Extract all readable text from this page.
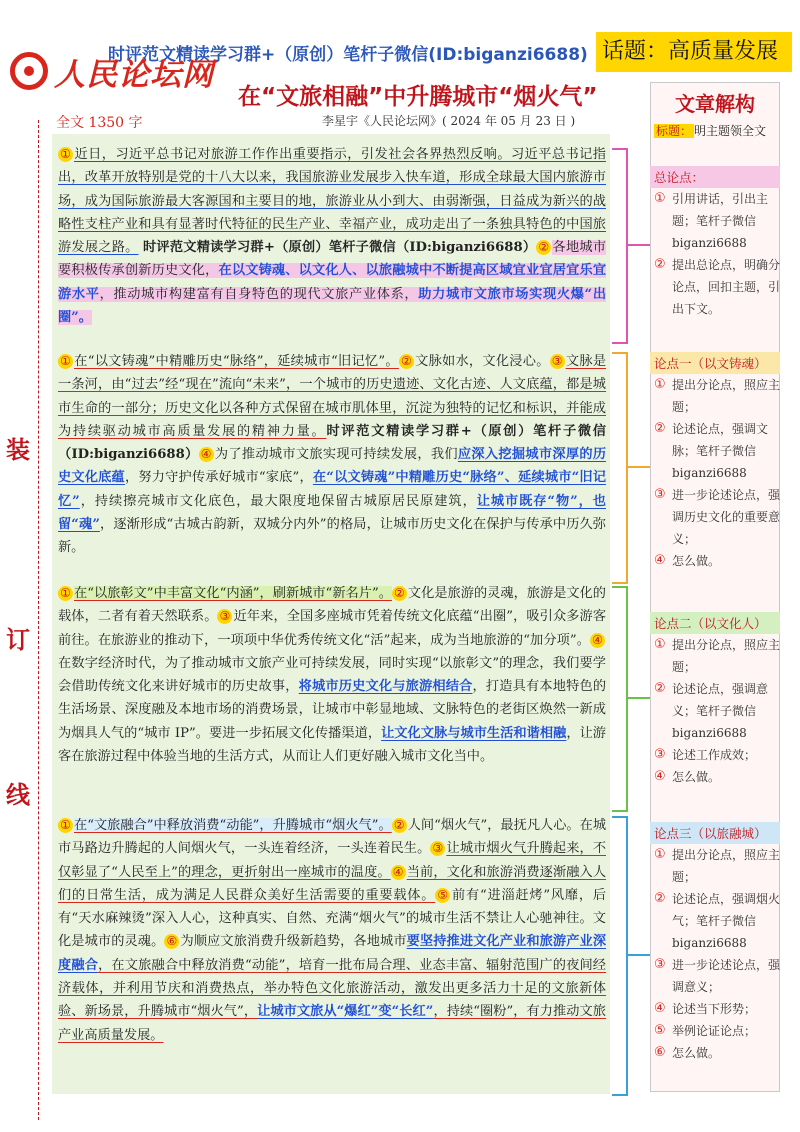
时评范文精读学习群+（原创）笔杆子微信(ID:biganzi6688) 话题：高质量发展
人民论坛网
在“文旅相融”中升腾城市“烟火气”
全文 1350 字	李星宇《人民论坛网》( 2024 年 05 月 23 日 )
装
订
线
① 近日，习近平总书记对旅游工作作出重要指示，引发社会各界热烈反响。习近平总书记指出，改革开放特别是党的十八大以来，我国旅游业发展步入快车道，形成全球最大国内旅游市场，成为国际旅游最大客源国和主要目的地，旅游业从小到大、由弱渐强，日益成为新兴的战略性支柱产业和具有显著时代特征的民生产业、幸福产业，成功走出了一条独具特色的中国旅游发展之路。 时评范文精读学习群+（原创）笔杆子微信（ID:biganzi6688） ② 各地城市要积极传承创新历史文化，在以文铸魂、以文化人、以旅融城中不断提高区域宜业宜居宜乐宜游水平，推动城市构建富有自身特色的现代文旅产业体系，助力城市文旅市场实现火爆“出圈”。
① 在“以文铸魂”中精雕历史“脉络”，延续城市“旧记忆”。 ② 文脉如水，文化浸心。 ③ 文脉是一条河，由“过去”经“现在”流向“未来”，一个城市的历史遗迹、文化古迹、人文底蕴，都是城市生命的一部分；历史文化以各种方式保留在城市肌体里，沉淀为独特的记忆和标识，并能成为持续驱动城市高质量发展的精神力量。时评范文精读学习群+（原创）笔杆子微信（ID:biganzi6688） ④ 为了推动城市文旅实现可持续发展，我们应深入挖掘城市深厚的历史文化底蕴，努力守护传承好城市“家底”，在“以文铸魂”中精雕历史“脉络”、延续城市“旧记忆”，持续擦亮城市文化底色，最大限度地保留古城原居民原建筑，让城市既存“物”，也留“魂”，逐渐形成“古城古韵新，双城分内外”的格局，让城市历史文化在保护与传承中历久弥新。
① 在“以旅彰文”中丰富文化“内涵”，刷新城市“新名片”。 ② 文化是旅游的灵魂，旅游是文化的载体，二者有着天然联系。 ③ 近年来，全国多座城市凭着传统文化底蕴“出圈”，吸引众多游客前往。在旅游业的推动下，一项项中华优秀传统文化“活”起来，成为当地旅游的“加分项”。 ④在数字经济时代，为了推动城市文旅产业可持续发展，同时实现“以旅彰文”的理念，我们要学会借助传统文化来讲好城市的历史故事，将城市历史文化与旅游相结合，打造具有本地特色的生活场景、深度融及本地市场的消费场景，让城市中彰显地域、文脉特色的老街区焕然一新成为烟具人气的“城市 IP”。要进一步拓展文化传播渠道，让文化文脉与城市生活和谐相融，让游客在旅游过程中体验当地的生活方式，从而让人们更好融入城市文化当中。
① 在“文旅融合”中释放消费“动能”，升腾城市“烟火气”。 ② 人间“烟火气”，最抚凡人心。在城市马路边升腾起的人间烟火气，一头连着经济，一头连着民生。 ③ 让城市烟火气升腾起来，不仅彰显了“人民至上”的理念，更折射出一座城市的温度。 ④ 当前，文化和旅游消费逐渐融入人们的日常生活，成为满足人民群众美好生活需要的重要载体。 ⑤ 前有“进淄赶烤”风靡，后有“天水麻辣烫”深入人心，这种真实、自然、充满“烟火气”的城市生活不禁让人心驰神往。文化是城市的灵魂。 ⑥ 为顺应文旅消费升级新趋势，各地城市要坚持推进文化产业和旅游产业深度融合，在文旅融合中释放消费“动能”，培育一批布局合理、业态丰富、辐射范围广的夜间经济载体，并利用节庆和消费热点，举办特色文化旅游活动，激发出更多活力十足的文旅新体验、新场景，升腾城市“烟火气”，让城市文旅从“爆红”变“长红”，持续“圈粉”，有力推动文旅产业高质量发展。
文章解构
标题： 明主题领全文
总论点：
① 引用讲话，引出主题；笔杆子微信 biganzi6688
② 提出总论点，明确分论点，回扣主题，引出下文。
论点一（以文铸魂）
① 提出分论点，照应主题；
② 论述论点，强调文脉；笔杆子微信 biganzi6688
③ 进一步论述论点，强调历史文化的重要意义；
④ 怎么做。
论点二（以文化人）
① 提出分论点，照应主题；
② 论述论点，强调意义；笔杆子微信 biganzi6688
③ 论述工作成效；
④ 怎么做。
论点三（以旅融城）
① 提出分论点，照应主题；
② 论述论点，强调烟火气；笔杆子微信 biganzi6688
③ 进一步论述论点，强调意义；
④ 论述当下形势；
⑤ 举例论证论点；
⑥ 怎么做。
